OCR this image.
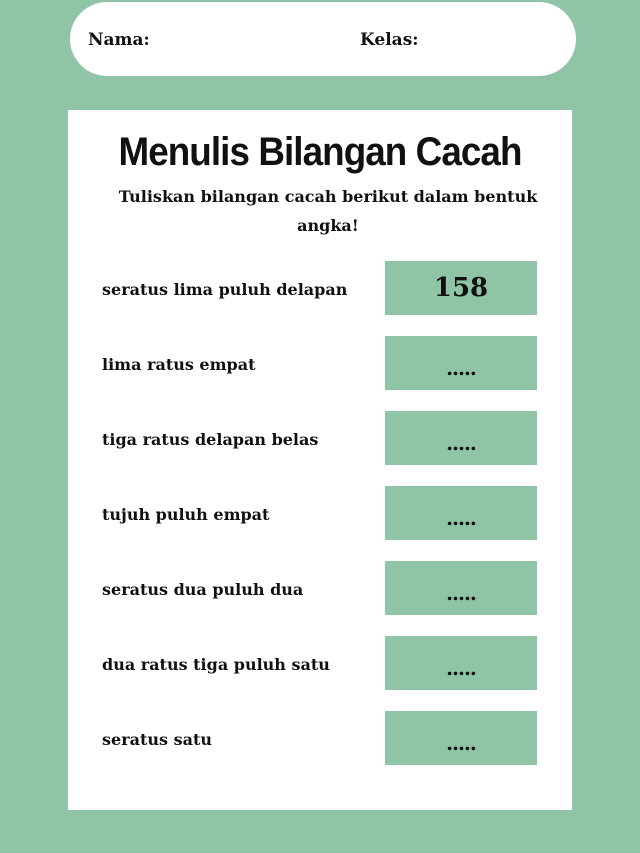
Nama:	Kelas:
Menulis Bilangan Cacah
Tuliskan bilangan cacah berikut dalam bentuk angka!
seratus lima puluh delapan	158
lima ratus empat	.....
tiga ratus delapan belas	.....
tujuh puluh empat	.....
seratus dua puluh dua	.....
dua ratus tiga puluh satu	.....
seratus satu	.....
